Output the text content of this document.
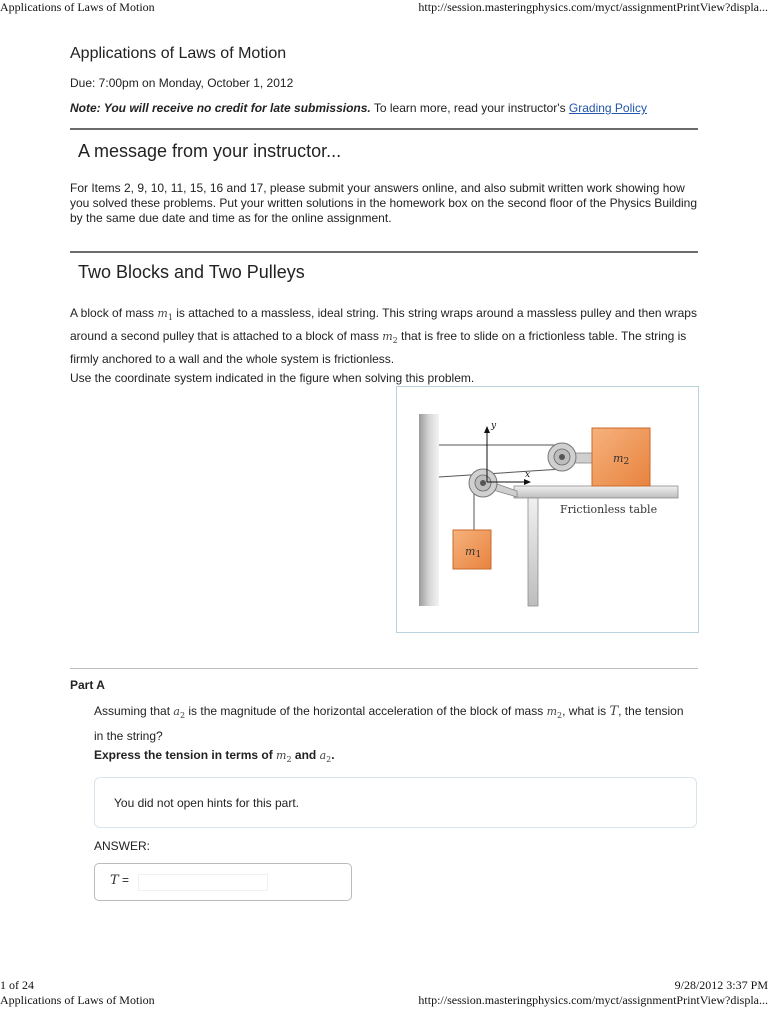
Applications of Laws of Motion	http://session.masteringphysics.com/myct/assignmentPrintView?displa...
Applications of Laws of Motion
Due: 7:00pm on Monday, October 1, 2012
Note: You will receive no credit for late submissions. To learn more, read your instructor's Grading Policy
A message from your instructor...
For Items 2, 9, 10, 11, 15, 16 and 17, please submit your answers online, and also submit written work showing how you solved these problems. Put your written solutions in the homework box on the second floor of the Physics Building by the same due date and time as for the online assignment.
Two Blocks and Two Pulleys
A block of mass $m_1$ is attached to a massless, ideal string. This string wraps around a massless pulley and then wraps around a second pulley that is attached to a block of mass $m_2$ that is free to slide on a frictionless table. The string is firmly anchored to a wall and the whole system is frictionless.
Use the coordinate system indicated in the figure when solving this problem.
m2
m1
y
x
Frictionless table
Part A
Assuming that $a_2$ is the magnitude of the horizontal acceleration of the block of mass $m_2$, what is T, the tension in the string?
Express the tension in terms of $m_2$ and $a_2$.
You did not open hints for this part.
ANSWER:
T =
1 of 24	9/28/2012 3:37 PM
Applications of Laws of Motion	http://session.masteringphysics.com/myct/assignmentPrintView?displa...
